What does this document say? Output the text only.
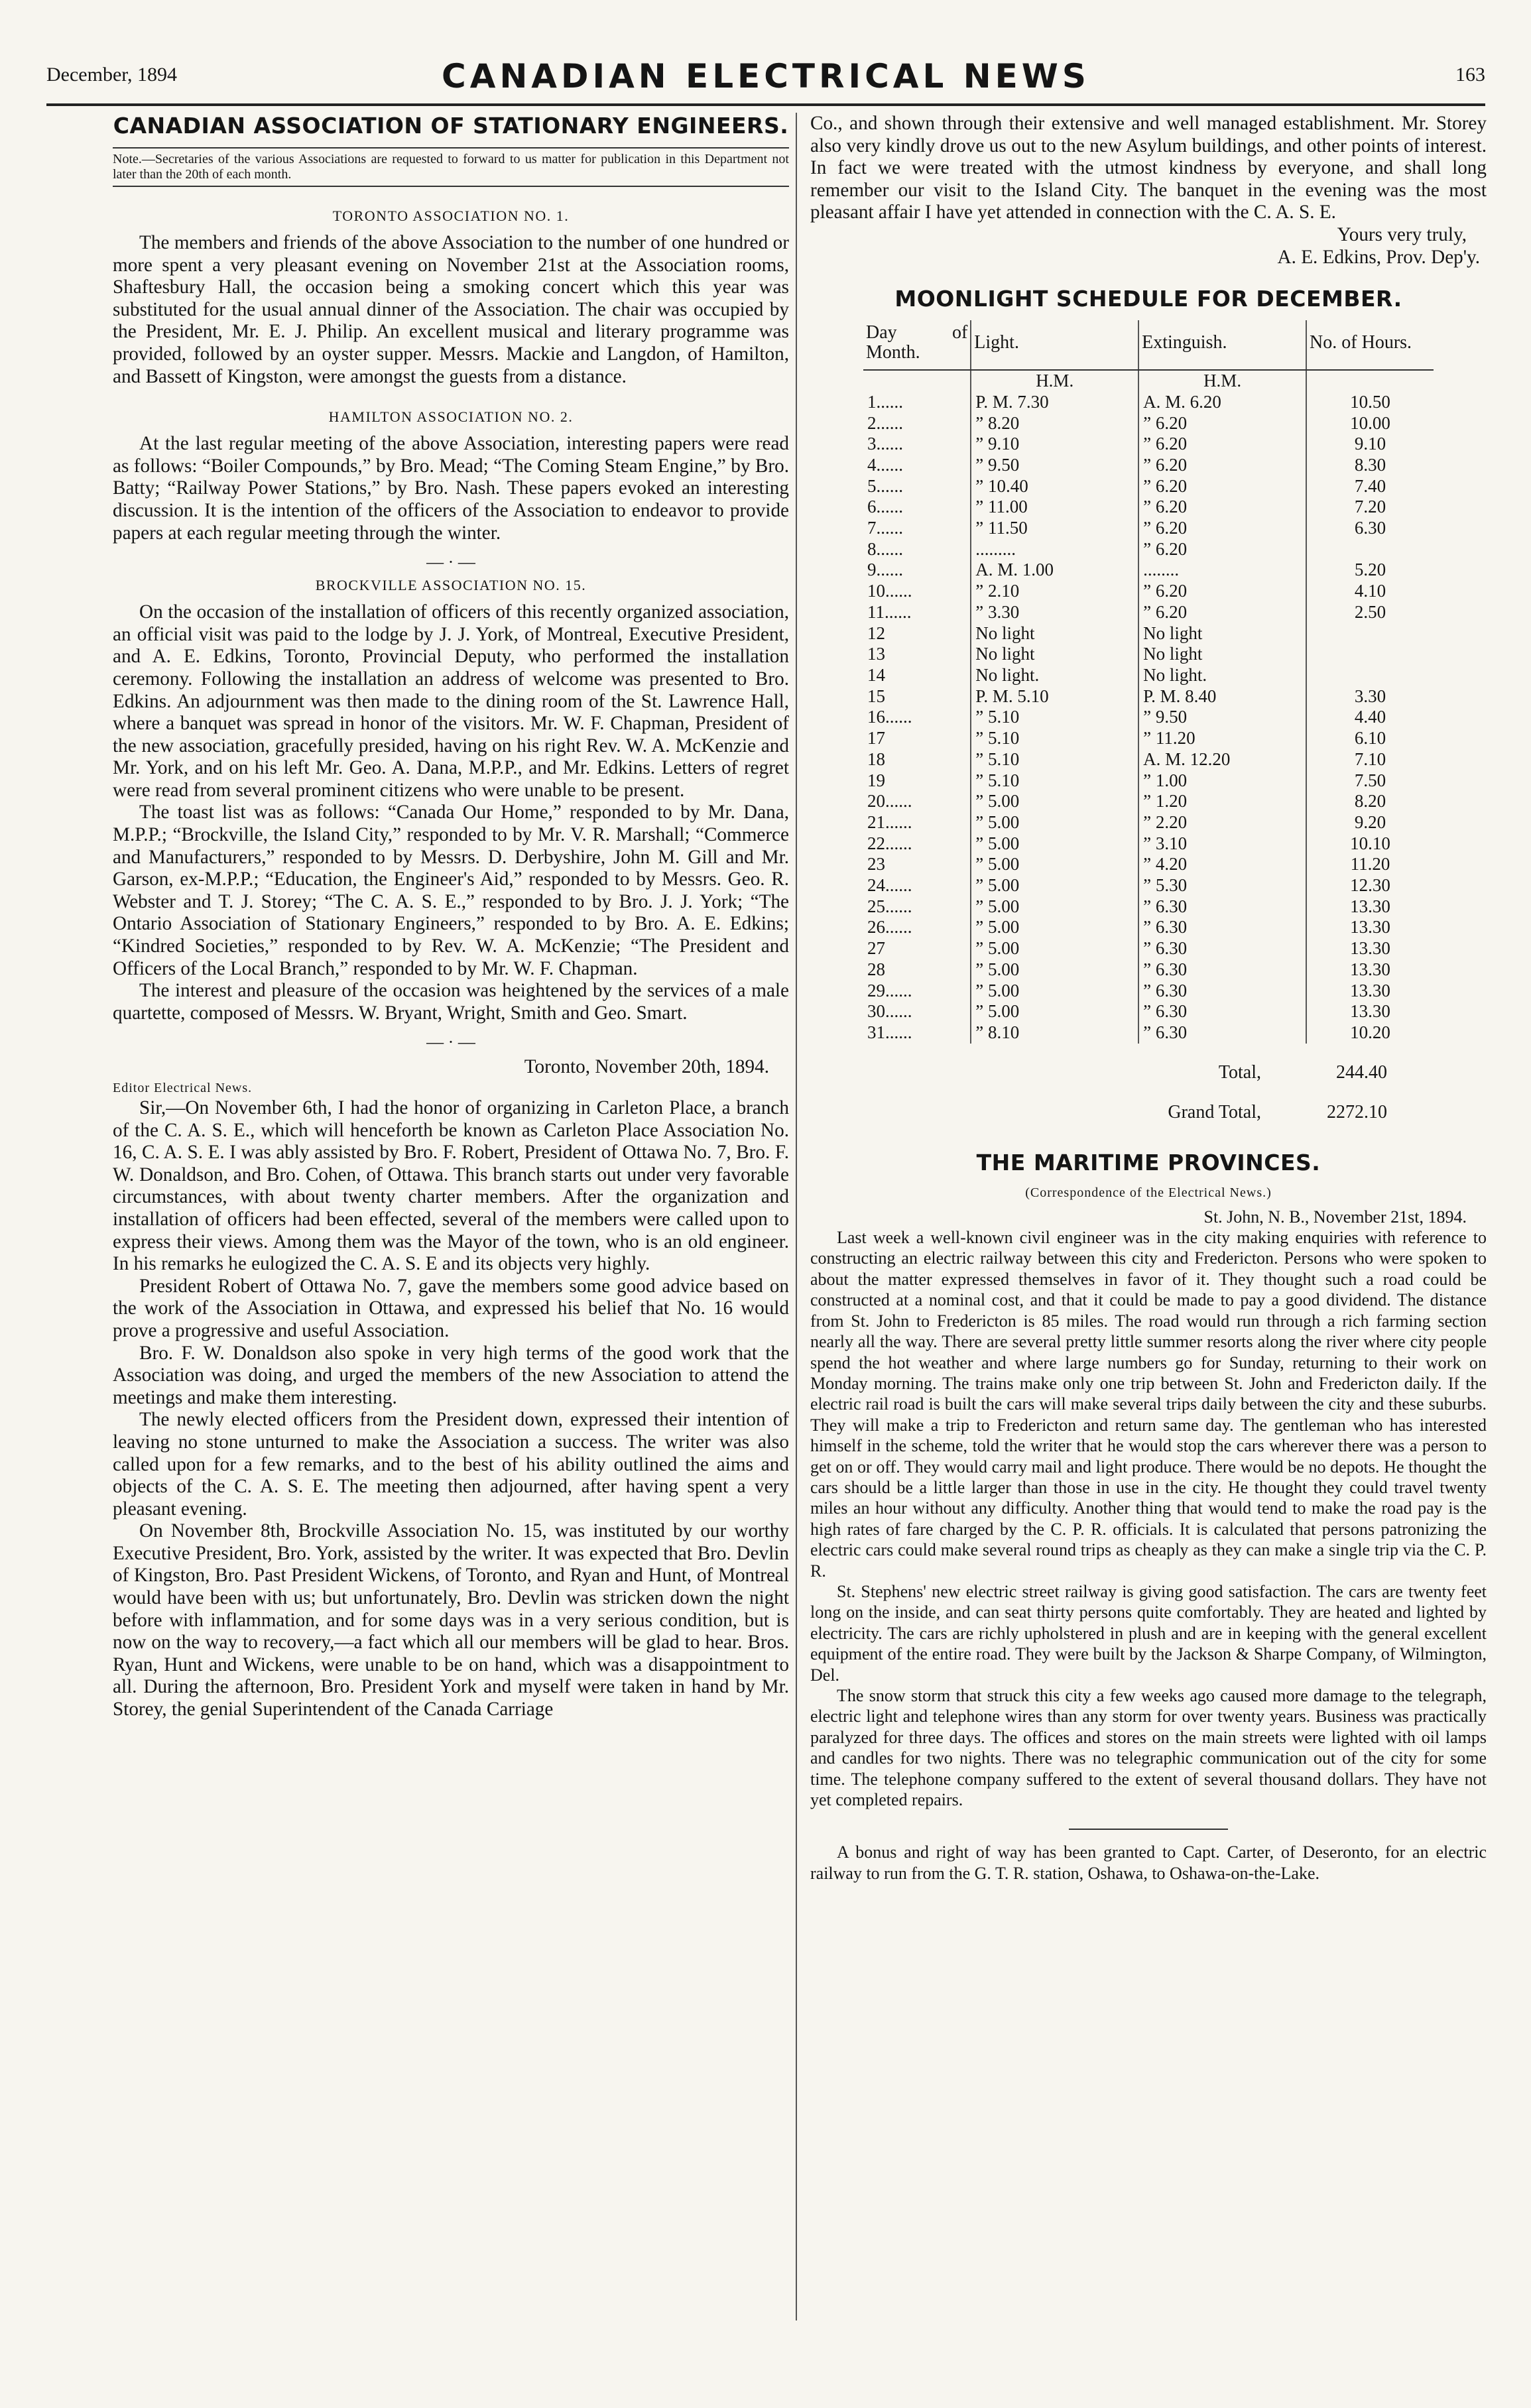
December, 1894	CANADIAN ELECTRICAL NEWS	163
CANADIAN ASSOCIATION OF STATIONARY ENGINEERS.
Note.—Secretaries of the various Associations are requested to forward to us matter for publication in this Department not later than the 20th of each month.
TORONTO ASSOCIATION NO. 1.

The members and friends of the above Association to the number of one hundred or more spent a very pleasant evening on November 21st at the Association rooms, Shaftesbury Hall, the occasion being a smoking concert which this year was substituted for the usual annual dinner of the Association. The chair was occupied by the President, Mr. E. J. Philip. An excellent musical and literary programme was provided, followed by an oyster supper. Messrs. Mackie and Langdon, of Hamilton, and Bassett of Kingston, were amongst the guests from a distance.

HAMILTON ASSOCIATION NO. 2.

At the last regular meeting of the above Association, interesting papers were read as follows: “Boiler Compounds,” by Bro. Mead; “The Coming Steam Engine,” by Bro. Batty; “Railway Power Stations,” by Bro. Nash. These papers evoked an interesting discussion. It is the intention of the officers of the Association to endeavor to provide papers at each regular meeting through the winter.

— · —
BROCKVILLE ASSOCIATION NO. 15.

On the occasion of the installation of officers of this recently organized association, an official visit was paid to the lodge by J. J. York, of Montreal, Executive President, and A. E. Edkins, Toronto, Provincial Deputy, who performed the installation ceremony. Following the installation an address of welcome was presented to Bro. Edkins. An adjournment was then made to the dining room of the St. Lawrence Hall, where a banquet was spread in honor of the visitors. Mr. W. F. Chapman, President of the new association, gracefully presided, having on his right Rev. W. A. McKenzie and Mr. York, and on his left Mr. Geo. A. Dana, M.P.P., and Mr. Edkins. Letters of regret were read from several prominent citizens who were unable to be present.

The toast list was as follows: “Canada Our Home,” responded to by Mr. Dana, M.P.P.; “Brockville, the Island City,” responded to by Mr. V. R. Marshall; “Commerce and Manufacturers,” responded to by Messrs. D. Derbyshire, John M. Gill and Mr. Garson, ex-M.P.P.; “Education, the Engineer's Aid,” responded to by Messrs. Geo. R. Webster and T. J. Storey; “The C. A. S. E.,” responded to by Bro. J. J. York; “The Ontario Association of Stationary Engineers,” responded to by Bro. A. E. Edkins; “Kindred Societies,” responded to by Rev. W. A. McKenzie; “The President and Officers of the Local Branch,” responded to by Mr. W. F. Chapman.

The interest and pleasure of the occasion was heightened by the services of a male quartette, composed of Messrs. W. Bryant, Wright, Smith and Geo. Smart.

— · —

Toronto, November 20th, 1894.

Editor Electrical News.

Sir,—On November 6th, I had the honor of organizing in Carleton Place, a branch of the C. A. S. E., which will henceforth be known as Carleton Place Association No. 16, C. A. S. E. I was ably assisted by Bro. F. Robert, President of Ottawa No. 7, Bro. F. W. Donaldson, and Bro. Cohen, of Ottawa. This branch starts out under very favorable circumstances, with about twenty charter members. After the organization and installation of officers had been effected, several of the members were called upon to express their views. Among them was the Mayor of the town, who is an old engineer. In his remarks he eulogized the C. A. S. E and its objects very highly.

President Robert of Ottawa No. 7, gave the members some good advice based on the work of the Association in Ottawa, and expressed his belief that No. 16 would prove a progressive and useful Association.

Bro. F. W. Donaldson also spoke in very high terms of the good work that the Association was doing, and urged the members of the new Association to attend the meetings and make them interesting.

The newly elected officers from the President down, expressed their intention of leaving no stone unturned to make the Association a success. The writer was also called upon for a few remarks, and to the best of his ability outlined the aims and objects of the C. A. S. E. The meeting then adjourned, after having spent a very pleasant evening.

On November 8th, Brockville Association No. 15, was instituted by our worthy Executive President, Bro. York, assisted by the writer. It was expected that Bro. Devlin of Kingston, Bro. Past President Wickens, of Toronto, and Ryan and Hunt, of Montreal would have been with us; but unfortunately, Bro. Devlin was stricken down the night before with inflammation, and for some days was in a very serious condition, but is now on the way to recovery,—a fact which all our members will be glad to hear. Bros. Ryan, Hunt and Wickens, were unable to be on hand, which was a disappointment to all. During the afternoon, Bro. President York and myself were taken in hand by Mr. Storey, the genial Superintendent of the Canada Carriage

Co., and shown through their extensive and well managed establishment. Mr. Storey also very kindly drove us out to the new Asylum buildings, and other points of interest. In fact we were treated with the utmost kindness by everyone, and shall long remember our visit to the Island City. The banquet in the evening was the most pleasant affair I have yet attended in connection with the C. A. S. E.

Yours very truly,

A. E. Edkins, Prov. Dep'y.

MOONLIGHT SCHEDULE FOR DECEMBER.
Day of Month.	Light.	Extinguish.	No. of Hours.
	H.M.	H.M.	
1......	P. M. 7.30	A. M. 6.20	10.50
2......	” 8.20	” 6.20	10.00
3......	” 9.10	” 6.20	9.10
4......	” 9.50	” 6.20	8.30
5......	” 10.40	” 6.20	7.40
6......	” 11.00	” 6.20	7.20
7......	” 11.50	” 6.20	6.30
8......	.........	” 6.20	
9......	A. M. 1.00	........	5.20
10......	” 2.10	” 6.20	4.10
11......	” 3.30	” 6.20	2.50
12	No light	No light	
13	No light	No light	
14	No light.	No light.	
15	P. M. 5.10	P. M. 8.40	3.30
16......	” 5.10	” 9.50	4.40
17	” 5.10	” 11.20	6.10
18	” 5.10	A. M. 12.20	7.10
19	” 5.10	” 1.00	7.50
20......	” 5.00	” 1.20	8.20
21......	” 5.00	” 2.20	9.20
22......	” 5.00	” 3.10	10.10
23	” 5.00	” 4.20	11.20
24......	” 5.00	” 5.30	12.30
25......	” 5.00	” 6.30	13.30
26......	” 5.00	” 6.30	13.30
27	” 5.00	” 6.30	13.30
28	” 5.00	” 6.30	13.30
29......	” 5.00	” 6.30	13.30
30......	” 5.00	” 6.30	13.30
31......	” 8.10	” 6.30	10.20
Total,	244.40
Grand Total,	2272.10
THE MARITIME PROVINCES.
(Correspondence of the Electrical News.)

St. John, N. B., November 21st, 1894.

Last week a well-known civil engineer was in the city making enquiries with reference to constructing an electric railway between this city and Fredericton. Persons who were spoken to about the matter expressed themselves in favor of it. They thought such a road could be constructed at a nominal cost, and that it could be made to pay a good dividend. The distance from St. John to Fredericton is 85 miles. The road would run through a rich farming section nearly all the way. There are several pretty little summer resorts along the river where city people spend the hot weather and where large numbers go for Sunday, returning to their work on Monday morning. The trains make only one trip between St. John and Fredericton daily. If the electric rail road is built the cars will make several trips daily between the city and these suburbs. They will make a trip to Fredericton and return same day. The gentleman who has interested himself in the scheme, told the writer that he would stop the cars wherever there was a person to get on or off. They would carry mail and light produce. There would be no depots. He thought the cars should be a little larger than those in use in the city. He thought they could travel twenty miles an hour without any difficulty. Another thing that would tend to make the road pay is the high rates of fare charged by the C. P. R. officials. It is calculated that persons patronizing the electric cars could make several round trips as cheaply as they can make a single trip via the C. P. R.

St. Stephens' new electric street railway is giving good satisfaction. The cars are twenty feet long on the inside, and can seat thirty persons quite comfortably. They are heated and lighted by electricity. The cars are richly upholstered in plush and are in keeping with the general excellent equipment of the entire road. They were built by the Jackson & Sharpe Company, of Wilmington, Del.

The snow storm that struck this city a few weeks ago caused more damage to the telegraph, electric light and telephone wires than any storm for over twenty years. Business was practically paralyzed for three days. The offices and stores on the main streets were lighted with oil lamps and candles for two nights. There was no telegraphic communication out of the city for some time. The telephone company suffered to the extent of several thousand dollars. They have not yet completed repairs.

A bonus and right of way has been granted to Capt. Carter, of Deseronto, for an electric railway to run from the G. T. R. station, Oshawa, to Oshawa-on-the-Lake.
